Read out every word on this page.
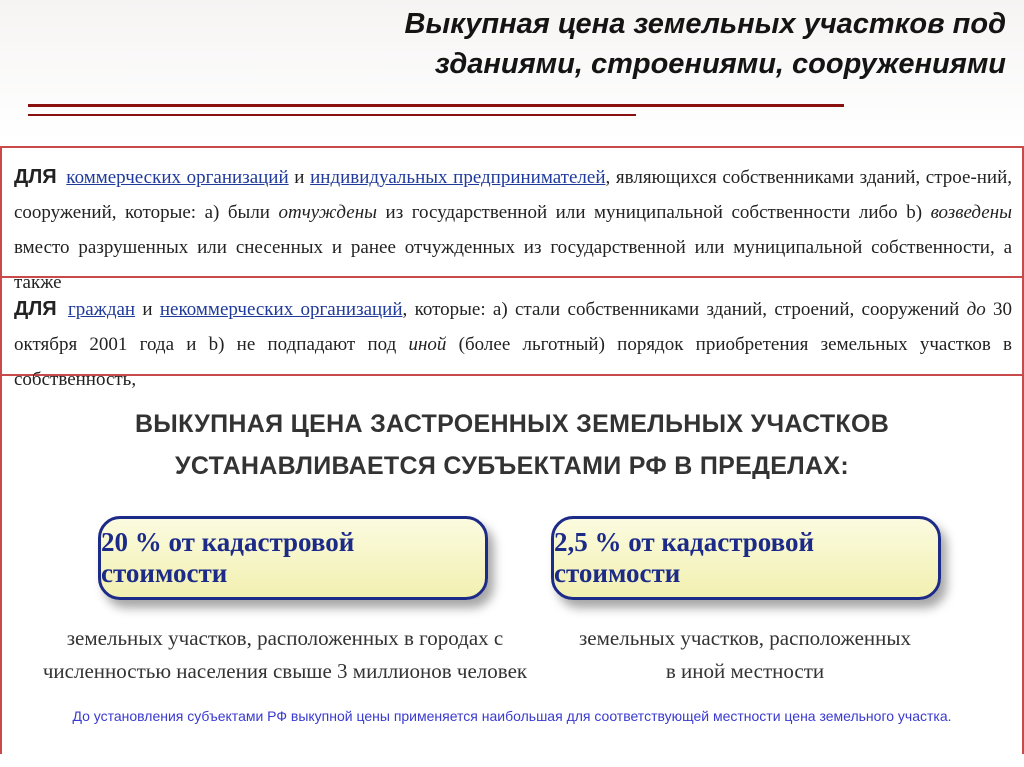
Выкупная цена земельных участков под
зданиями, строениями, сооружениями
ДЛЯ коммерческих организаций и индивидуальных предпринимателей, являющихся собственниками зданий, строе-ний, сооружений, которые: а) были отчуждены из государственной или муниципальной собственности либо b) возведены вместо разрушенных или снесенных и ранее отчужденных из государственной или муниципальной собственности, а также
ДЛЯ граждан и некоммерческих организаций, которые: а) стали собственниками зданий, строений, сооружений до 30 октября 2001 года и b) не подпадают под иной (более льготный) порядок приобретения земельных участков в собственность,
ВЫКУПНАЯ ЦЕНА ЗАСТРОЕННЫХ ЗЕМЕЛЬНЫХ УЧАСТКОВ
УСТАНАВЛИВАЕТСЯ СУБЪЕКТАМИ РФ В ПРЕДЕЛАХ:
20 % от кадастровой стоимости
2,5 % от кадастровой стоимости
земельных участков, расположенных в городах с
численностью населения свыше 3 миллионов человек
земельных участков, расположенных
в иной местности
До установления субъектами РФ выкупной цены применяется наибольшая для соответствующей местности цена земельного участка.
